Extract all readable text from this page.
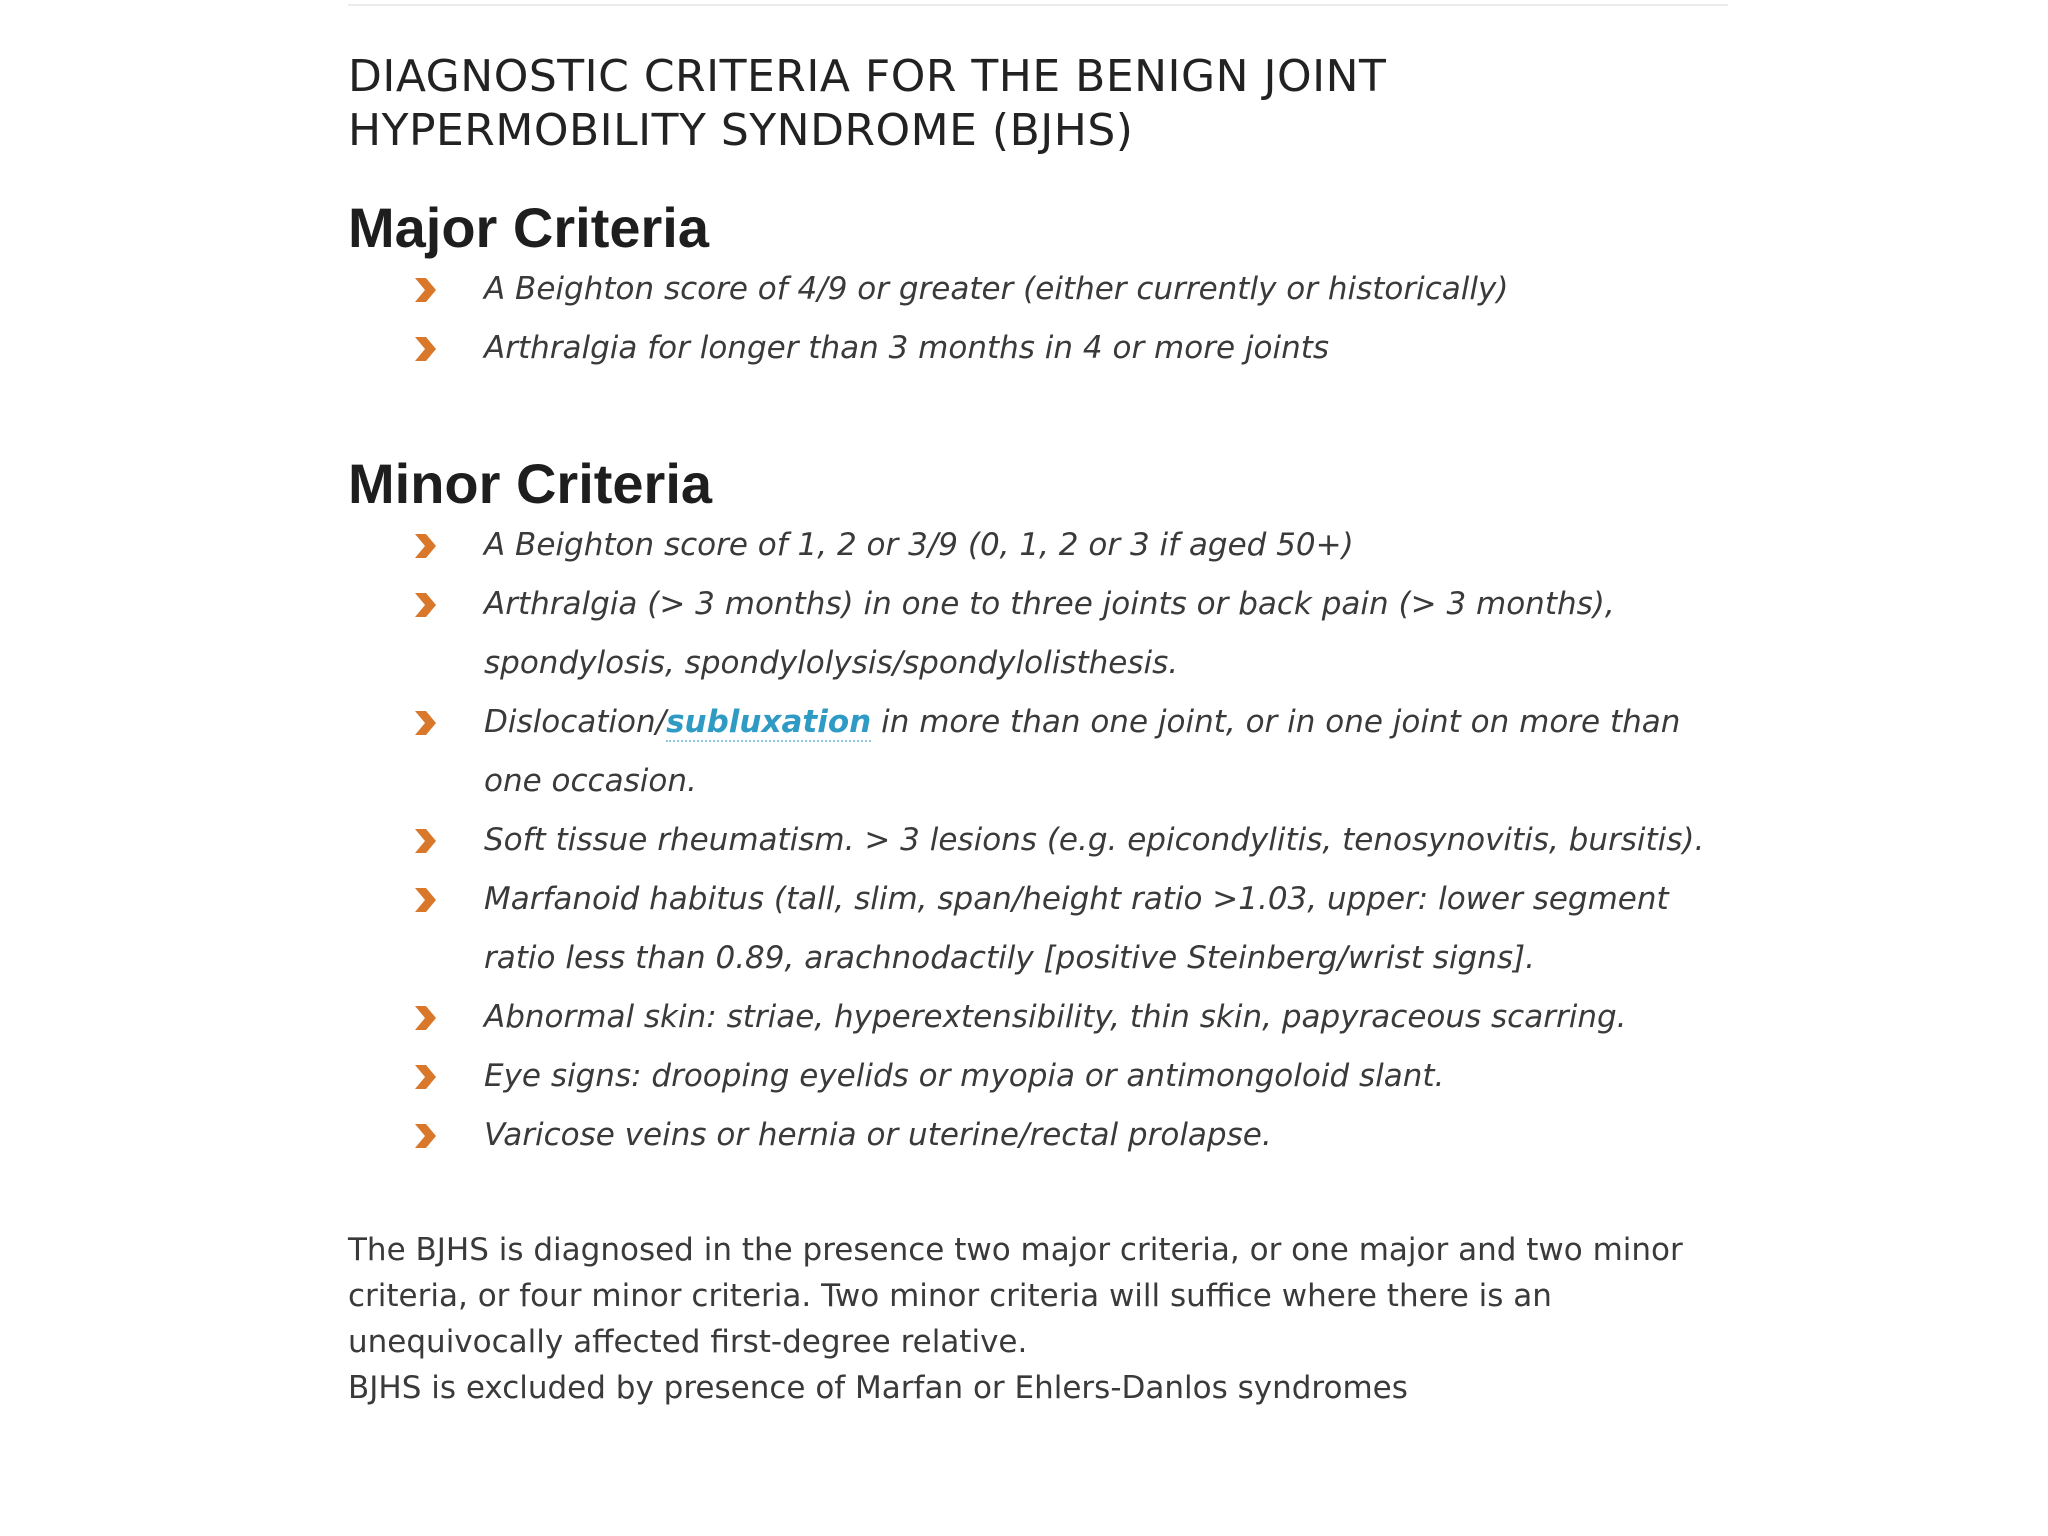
DIAGNOSTIC CRITERIA FOR THE BENIGN JOINT HYPERMOBILITY SYNDROME (BJHS)
Major Criteria
A Beighton score of 4/9 or greater (either currently or historically)
Arthralgia for longer than 3 months in 4 or more joints
Minor Criteria
A Beighton score of 1, 2 or 3/9 (0, 1, 2 or 3 if aged 50+)
Arthralgia (> 3 months) in one to three joints or back pain (> 3 months), spondylosis, spondylolysis/spondylolisthesis.
Dislocation/subluxation in more than one joint, or in one joint on more than one occasion.
Soft tissue rheumatism. > 3 lesions (e.g. epicondylitis, tenosynovitis, bursitis).
Marfanoid habitus (tall, slim, span/height ratio >1.03, upper: lower segment ratio less than 0.89, arachnodactily [positive Steinberg/wrist signs].
Abnormal skin: striae, hyperextensibility, thin skin, papyraceous scarring.
Eye signs: drooping eyelids or myopia or antimongoloid slant.
Varicose veins or hernia or uterine/rectal prolapse.

The BJHS is diagnosed in the presence two major criteria, or one major and two minor criteria, or four minor criteria. Two minor criteria will suffice where there is an unequivocally affected first-degree relative.

BJHS is excluded by presence of Marfan or Ehlers-Danlos syndromes
